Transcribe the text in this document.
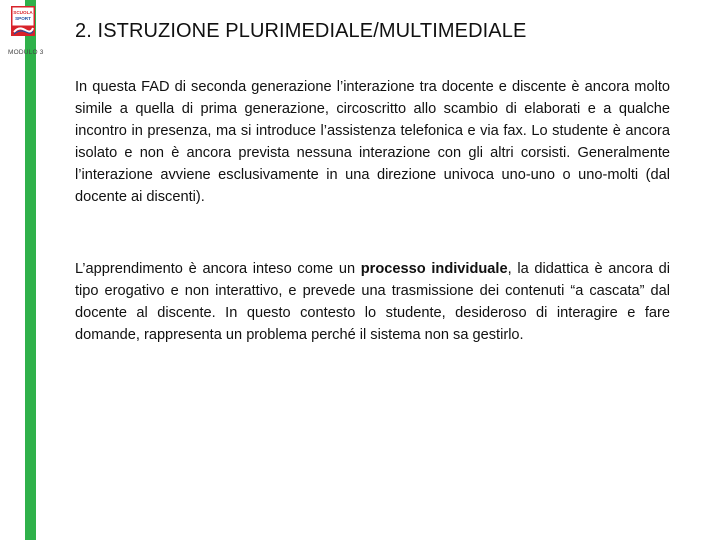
SCUOLA
SPORT
MODULO 3
2. ISTRUZIONE PLURIMEDIALE/MULTIMEDIALE

In questa FAD di seconda generazione l’interazione tra docente e discente è ancora molto simile a quella di prima generazione, circoscritto allo scambio di elaborati e a qualche incontro in presenza, ma si introduce l’assistenza telefonica e via fax. Lo studente è ancora isolato e non è ancora prevista nessuna interazione con gli altri corsisti. Generalmente l’interazione avviene esclusivamente in una direzione univoca uno-uno o uno-molti (dal docente ai discenti).

L’apprendimento è ancora inteso come un processo individuale, la didattica è ancora di tipo erogativo e non interattivo, e prevede una trasmissione dei contenuti “a cascata” dal docente al discente. In questo contesto lo studente, desideroso di interagire e fare domande, rappresenta un problema perché il sistema non sa gestirlo.
